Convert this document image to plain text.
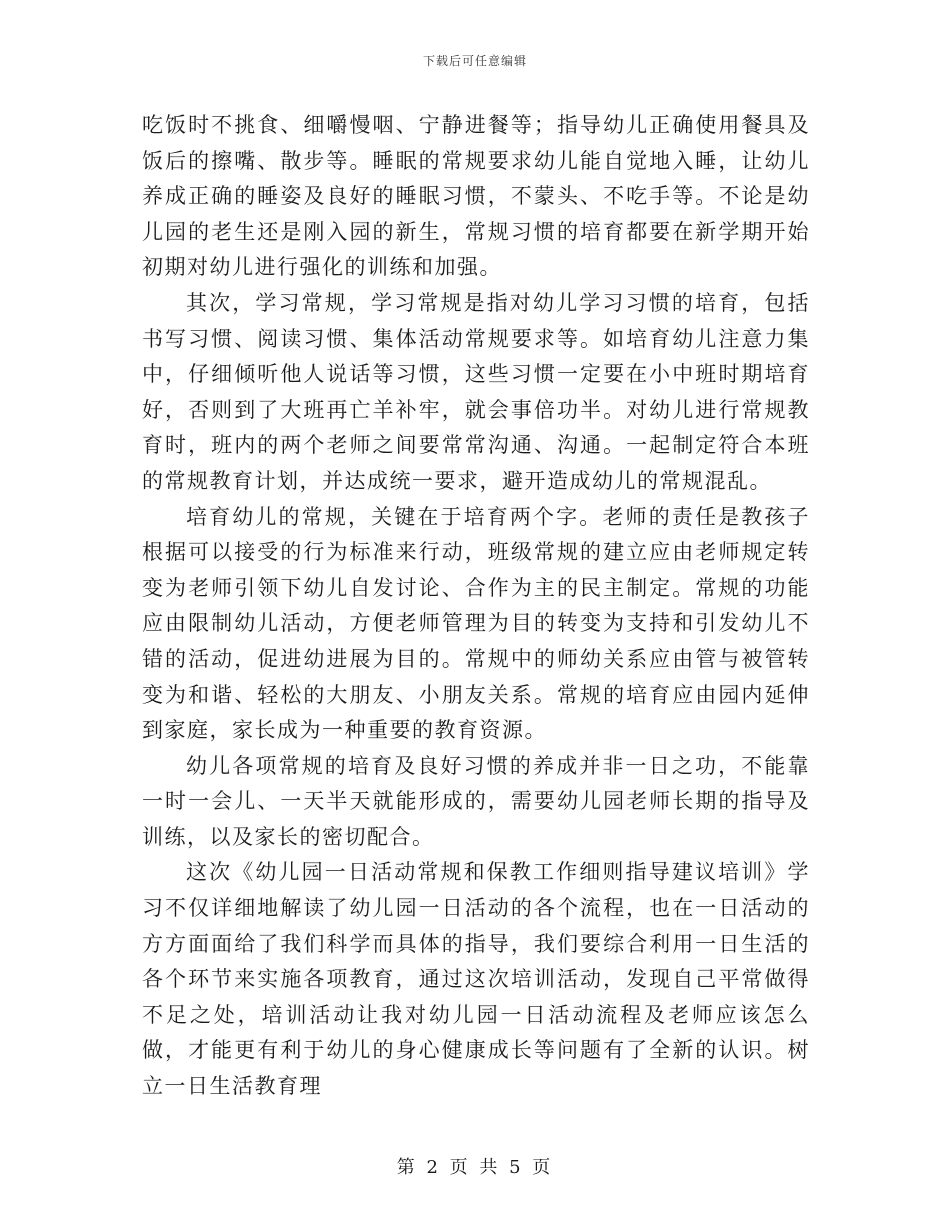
下载后可任意编辑

吃饭时不挑食、细嚼慢咽、宁静进餐等；指导幼儿正确使用餐具及饭后的擦嘴、散步等。睡眠的常规要求幼儿能自觉地入睡，让幼儿养成正确的睡姿及良好的睡眠习惯，不蒙头、不吃手等。不论是幼儿园的老生还是刚入园的新生，常规习惯的培育都要在新学期开始初期对幼儿进行强化的训练和加强。

其次，学习常规，学习常规是指对幼儿学习习惯的培育，包括书写习惯、阅读习惯、集体活动常规要求等。如培育幼儿注意力集中，仔细倾听他人说话等习惯，这些习惯一定要在小中班时期培育好，否则到了大班再亡羊补牢，就会事倍功半。对幼儿进行常规教育时，班内的两个老师之间要常常沟通、沟通。一起制定符合本班的常规教育计划，并达成统一要求，避开造成幼儿的常规混乱。

培育幼儿的常规，关键在于培育两个字。老师的责任是教孩子根据可以接受的行为标准来行动，班级常规的建立应由老师规定转变为老师引领下幼儿自发讨论、合作为主的民主制定。常规的功能应由限制幼儿活动，方便老师管理为目的转变为支持和引发幼儿不错的活动，促进幼进展为目的。常规中的师幼关系应由管与被管转变为和谐、轻松的大朋友、小朋友关系。常规的培育应由园内延伸到家庭，家长成为一种重要的教育资源。

幼儿各项常规的培育及良好习惯的养成并非一日之功，不能靠一时一会儿、一天半天就能形成的，需要幼儿园老师长期的指导及训练，以及家长的密切配合。

这次《幼儿园一日活动常规和保教工作细则指导建议培训》学习不仅详细地解读了幼儿园一日活动的各个流程，也在一日活动的方方面面给了我们科学而具体的指导，我们要综合利用一日生活的各个环节来实施各项教育，通过这次培训活动，发现自己平常做得不足之处，培训活动让我对幼儿园一日活动流程及老师应该怎么做，才能更有利于幼儿的身心健康成长等问题有了全新的认识。树立一日生活教育理

第 2 页 共 5 页
